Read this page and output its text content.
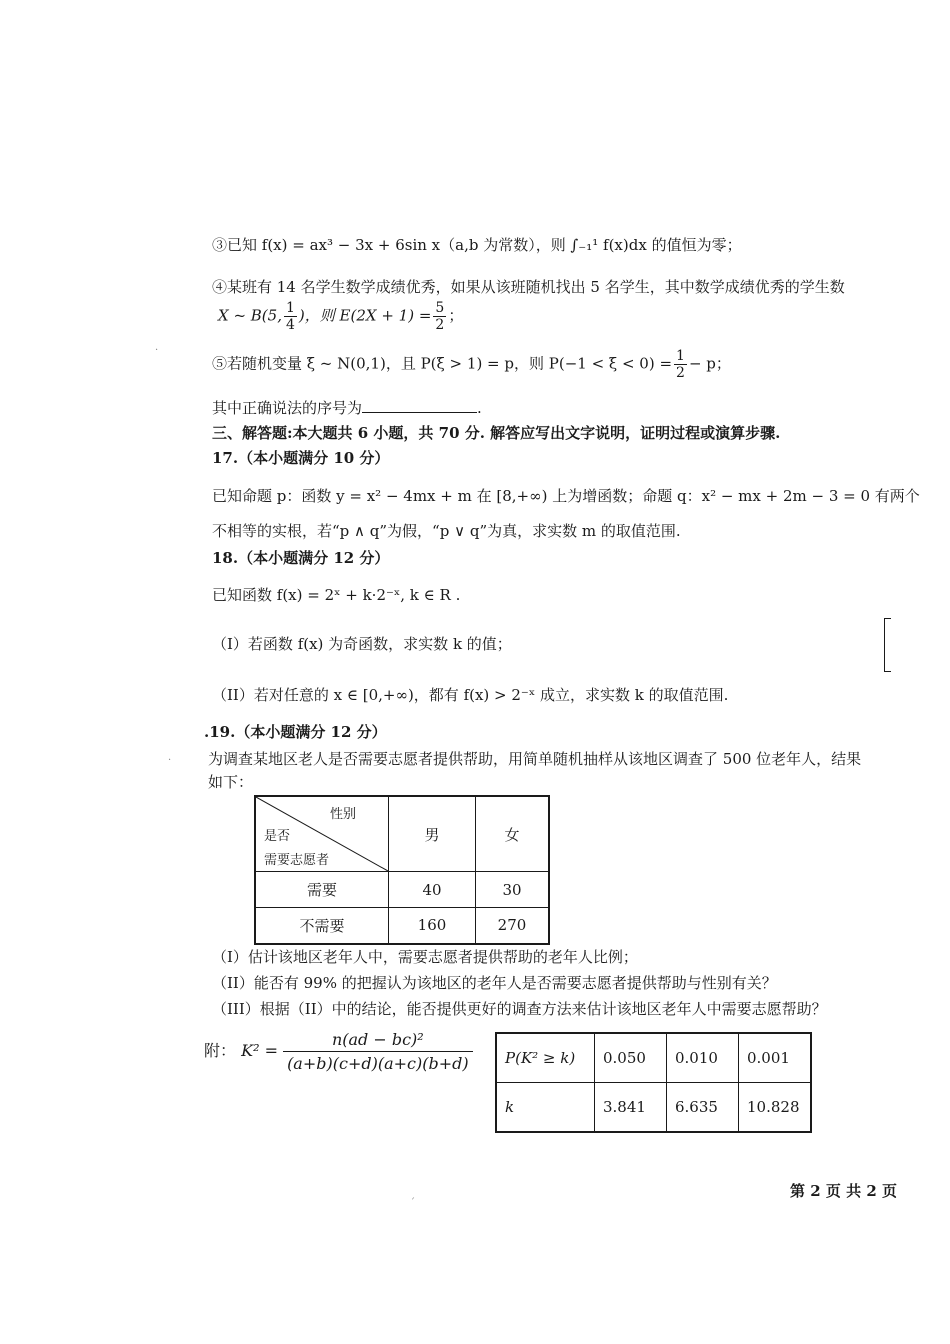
③已知 f(x) = ax³ − 3x + 6sin x（a,b 为常数），则 ∫₋₁¹ f(x)dx 的值恒为零；
④某班有 14 名学生数学成绩优秀，如果从该班随机找出 5 名学生，其中数学成绩优秀的学生数
X ~ B(5, $\frac{1}{4}$ )，则 $E(2X + 1) = \frac{5}{2}$ ；
⑤若随机变量 ξ ~ N(0,1)，且 P(ξ > 1) = p，则 $P(-1 < \xi < 0) = \frac{1}{2} - p$；
其中正确说法的序号为	.
三、解答题:本大题共 6 小题，共 70 分. 解答应写出文字说明，证明过程或演算步骤.
17.（本小题满分 10 分）
已知命题 p：函数 y = x² − 4mx + m 在 [8,+∞) 上为增函数；命题 q：x² − mx + 2m − 3 = 0 有两个
不相等的实根，若“p ∧ q”为假，“p ∨ q”为真，求实数 m 的取值范围.
18.（本小题满分 12 分）
已知函数 f(x) = 2ˣ + k·2⁻ˣ, k ∈ R .
（I）若函数 f(x) 为奇函数，求实数 k 的值；
（II）若对任意的 x ∈ [0,+∞)，都有 f(x) > 2⁻ˣ 成立，求实数 k 的取值范围.
.19.（本小题满分 12 分）
为调查某地区老人是否需要志愿者提供帮助，用简单随机抽样从该地区调查了 500 位老年人，结果
如下：
性别
是否
需要志愿者	男	女
需要	40	30
不需要	160	270
（I）估计该地区老年人中，需要志愿者提供帮助的老年人比例；
（II）能否有 99% 的把握认为该地区的老年人是否需要志愿者提供帮助与性别有关？
（III）根据（II）中的结论，能否提供更好的调查方法来估计该地区老年人中需要志愿帮助？
附： $K^2 = \frac{\text{n(ad − bc)²}}{(a+b)(c+d)(a+c)(b+d)} P(K^2 \ge k)$	0.050	0.010	0.001
k	3.841	6.635	10.828
第 2 页 共 2 页
·
ˊ
·
